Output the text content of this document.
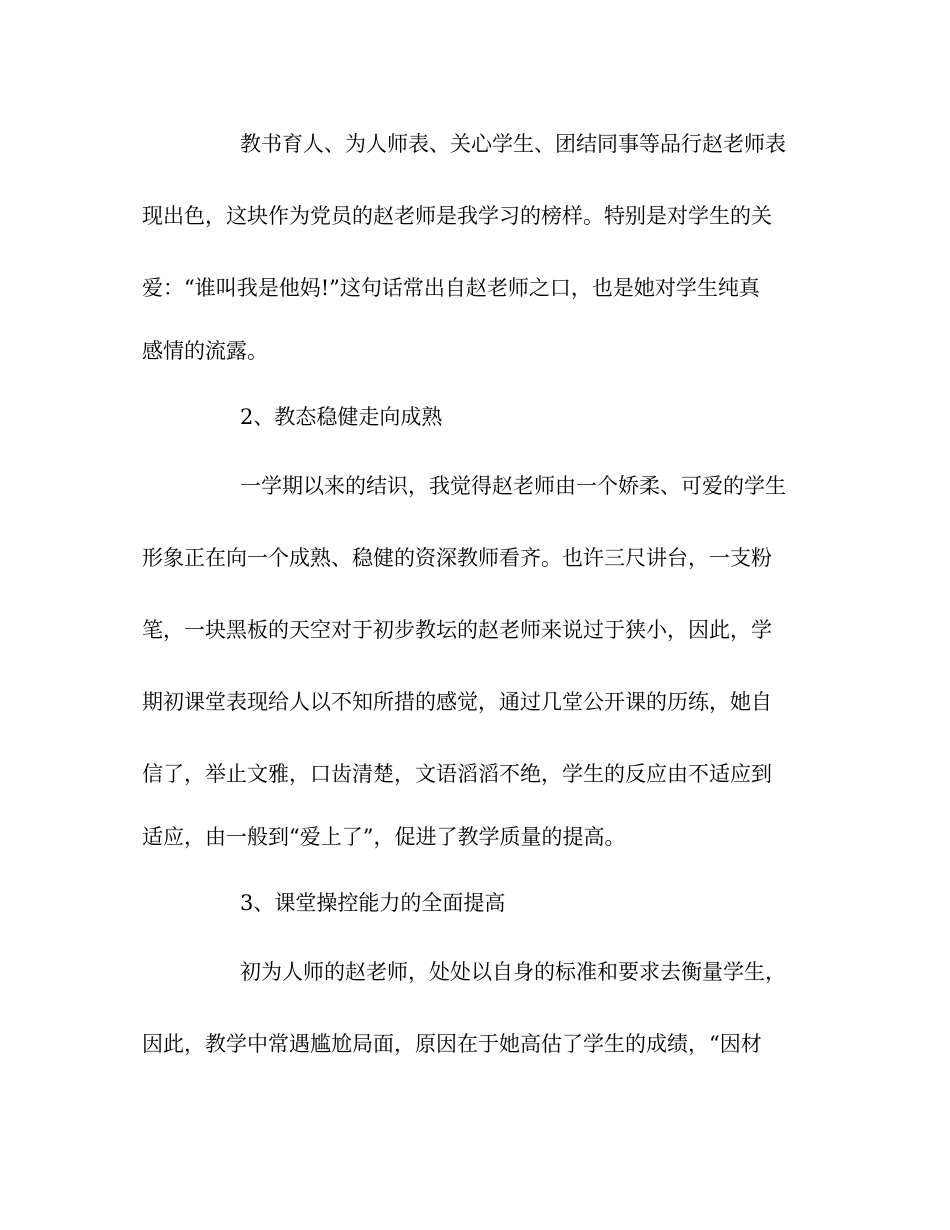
教书育人、为人师表、关心学生、团结同事等品行赵老师表
现出色，这块作为党员的赵老师是我学习的榜样。特别是对学生的关
爱：“谁叫我是他妈!”这句话常出自赵老师之口，也是她对学生纯真
感情的流露。
2、教态稳健走向成熟
一学期以来的结识，我觉得赵老师由一个娇柔、可爱的学生
形象正在向一个成熟、稳健的资深教师看齐。也许三尺讲台，一支粉
笔，一块黑板的天空对于初步教坛的赵老师来说过于狭小，因此，学
期初课堂表现给人以不知所措的感觉，通过几堂公开课的历练，她自
信了，举止文雅，口齿清楚，文语滔滔不绝，学生的反应由不适应到
适应，由一般到“爱上了”，促进了教学质量的提高。
3、课堂操控能力的全面提高
初为人师的赵老师，处处以自身的标准和要求去衡量学生，
因此，教学中常遇尴尬局面，原因在于她高估了学生的成绩，“因材
